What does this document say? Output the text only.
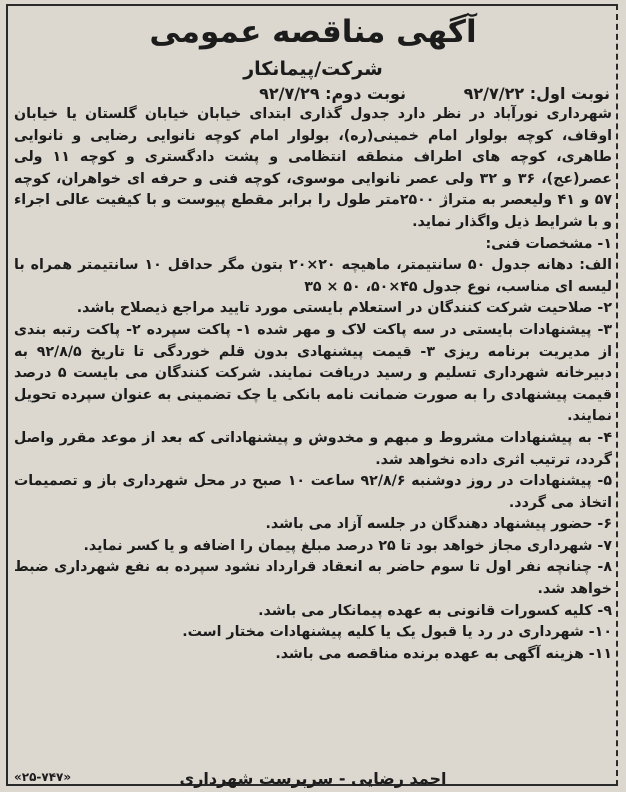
آگهی مناقصه عمومی
شرکت/پیمانکار
نوبت اول: ۹۲/۷/۲۲
نوبت دوم: ۹۲/۷/۲۹

شهرداری نورآباد در نظر دارد جدول گذاری ابتدای خیابان خیابان گلستان یا خیابان اوقاف، کوچه بولوار امام خمینی(ره)، بولوار امام کوچه نانوایی رضایی و نانوایی طاهری، کوچه های اطراف منطقه انتظامی و پشت دادگستری و کوچه ۱۱ ولی عصر(عج)، ۳۶ و ۳۲ ولی عصر نانوایی موسوی، کوچه فنی و حرفه ای خواهران، کوچه ۵۷ و ۴۱ ولیعصر به متراژ ۲۵۰۰متر طول را برابر مقطع پیوست و با کیفیت عالی اجراء و با شرایط ذیل واگذار نماید.

۱- مشخصات فنی:

الف: دهانه جدول ۵۰ سانتیمتر، ماهیچه ۲۰×۲۰ بتون مگر حداقل ۱۰ سانتیمتر همراه با لیسه ای مناسب، نوع جدول ۴۵×۵۰، ۵۰ × ۳۵

۲- صلاحیت شرکت کنندگان در استعلام بایستی مورد تایید مراجع ذیصلاح باشد.

۳- پیشنهادات بایستی در سه پاکت لاک و مهر شده ۱- پاکت سپرده ۲- پاکت رتبه بندی از مدیریت برنامه ریزی ۳- قیمت پیشنهادی بدون قلم خوردگی تا تاریخ ۹۲/۸/۵ به دبیرخانه شهرداری تسلیم و رسید دریافت نمایند. شرکت کنندگان می بایست ۵ درصد قیمت پیشنهادی را به صورت ضمانت نامه بانکی یا چک تضمینی به عنوان سپرده تحویل نمایند.

۴- به پیشنهادات مشروط و مبهم و مخدوش و پیشنهاداتی که بعد از موعد مقرر واصل گردد، ترتیب اثری داده نخواهد شد.

۵- پیشنهادات در روز دوشنبه ۹۲/۸/۶ ساعت ۱۰ صبح در محل شهرداری باز و تصمیمات اتخاذ می گردد.

۶- حضور پیشنهاد دهندگان در جلسه آزاد می باشد.

۷- شهرداری مجاز خواهد بود تا ۲۵ درصد مبلغ پیمان را اضافه و یا کسر نماید.

۸- چنانچه نفر اول تا سوم حاضر به انعقاد قرارداد نشود سپرده به نفع شهرداری ضبط خواهد شد.

۹- کلیه کسورات قانونی به عهده پیمانکار می باشد.

۱۰- شهرداری در رد یا قبول یک یا کلیه پیشنهادات مختار است.

۱۱- هزینه آگهی به عهده برنده مناقصه می باشد.

احمد رضایی - سرپرست شهرداری
«۲۵-۷۴۷»
